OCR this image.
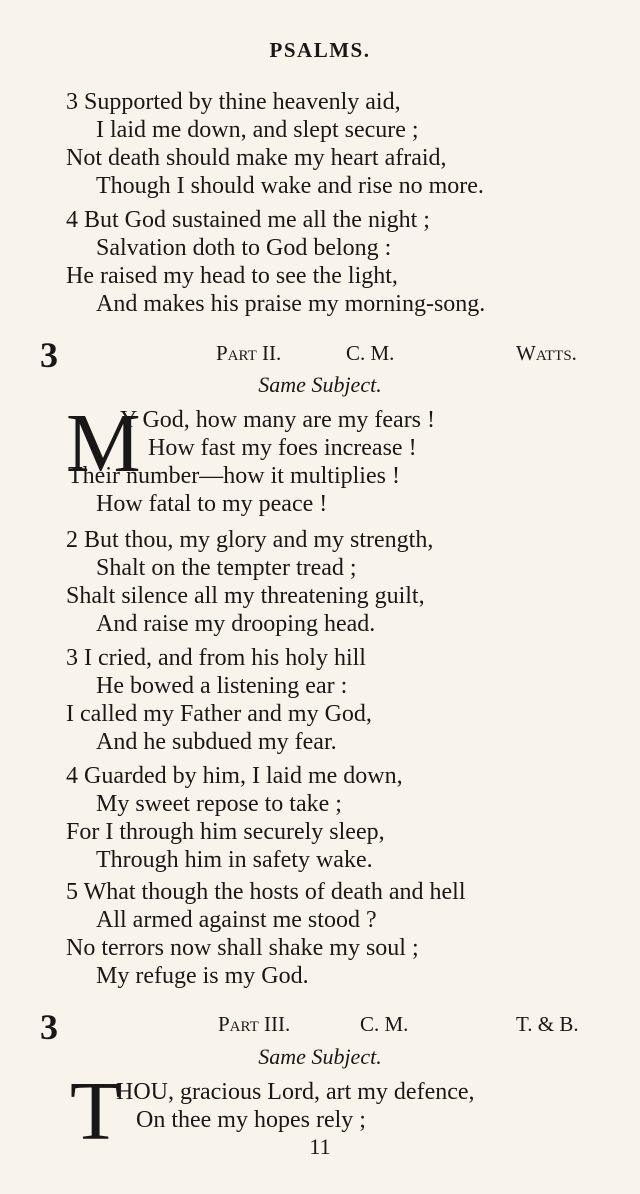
PSALMS.
3 Supported by thine heavenly aid,
I laid me down, and slept secure ;
Not death should make my heart afraid,
Though I should wake and rise no more.
4 But God sustained me all the night ;
Salvation doth to God belong :
He raised my head to see the light,
And makes his praise my morning-song.
3	Part II.	C. M.	Watts.
Same Subject.
M
Y God, how many are my fears !
How fast my foes increase !
Their number—how it multiplies !
How fatal to my peace !
2 But thou, my glory and my strength,
Shalt on the tempter tread ;
Shalt silence all my threatening guilt,
And raise my drooping head.
3 I cried, and from his holy hill
He bowed a listening ear :
I called my Father and my God,
And he subdued my fear.
4 Guarded by him, I laid me down,
My sweet repose to take ;
For I through him securely sleep,
Through him in safety wake.
5 What though the hosts of death and hell
All armed against me stood ?
No terrors now shall shake my soul ;
My refuge is my God.
3	Part III.	C. M.	T. & B.
Same Subject.
T
HOU, gracious Lord, art my defence,
On thee my hopes rely ;
11
